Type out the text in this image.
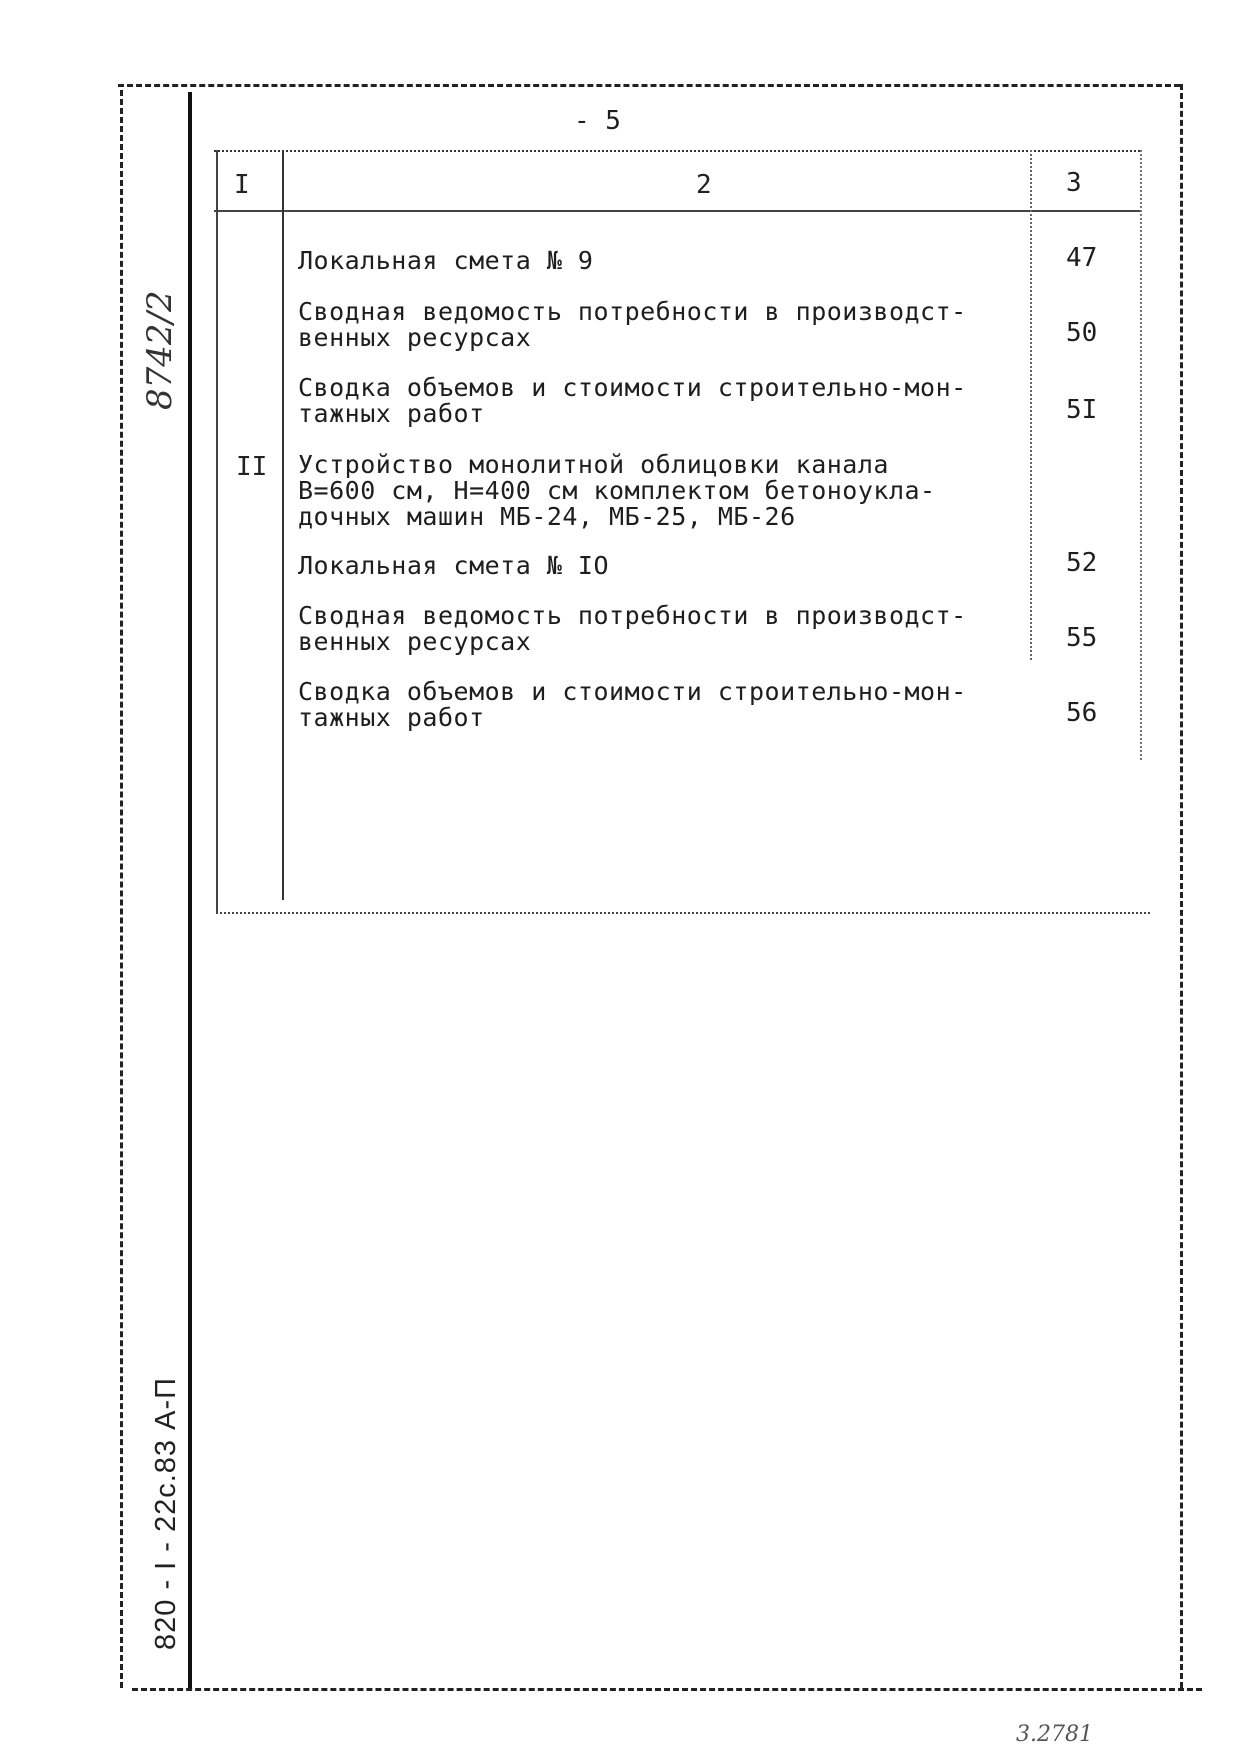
- 5
8742/2
820 - I - 22с.83 А-П
I	2	3
Локальная смета № 9	47
Сводная ведомость потребности в производст-
венных ресурсах	50
Сводка объемов и стоимости строительно-мон-
тажных работ	5I
II Устройство монолитной облицовки канала
В=600 см, Н=400 см комплектом бетоноукла-
дочных машин МБ-24, МБ-25, МБ-26
Локальная смета № IO	52
Сводная ведомость потребности в производст-
венных ресурсах	55
Сводка объемов и стоимости строительно-мон-
тажных работ	56
3.2781
